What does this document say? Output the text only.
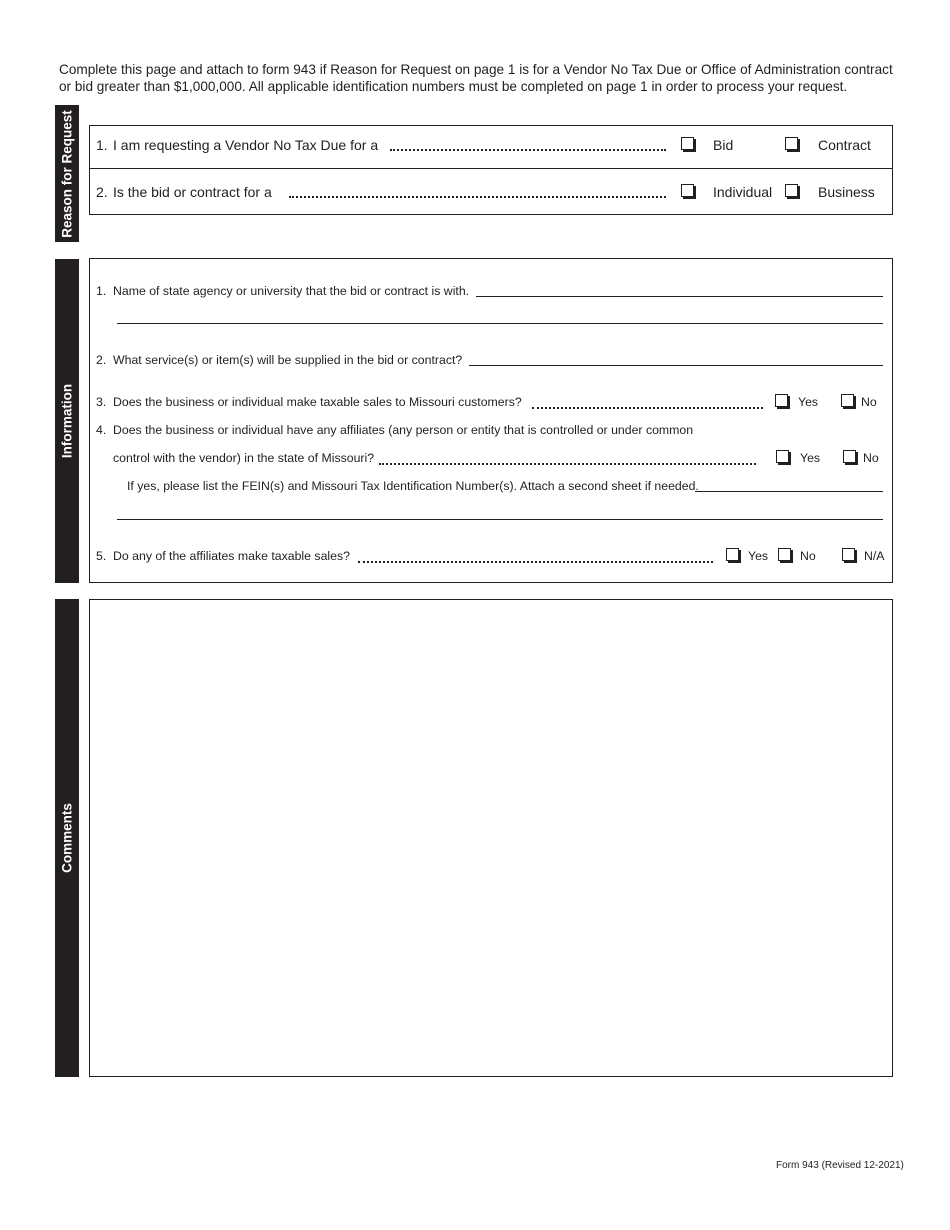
Complete this page and attach to form 943 if Reason for Request on page 1 is for a Vendor No Tax Due or Office of Administration contract
or bid greater than $1,000,000. All applicable identification numbers must be completed on page 1 in order to process your request.
Reason for Request 1. I am requesting a Vendor No Tax Due for a	Bid	Contract
2. Is the bid or contract for a	Individual	Business
Information
1. Name of state agency or university that the bid or contract is with.
2. What service(s) or item(s) will be supplied in the bid or contract?
3. Does the business or individual make taxable sales to Missouri customers?	Yes	No
4. Does the business or individual have any affiliates (any person or entity that is controlled or under common
control with the vendor) in the state of Missouri?	Yes	No
If yes, please list the FEIN(s) and Missouri Tax Identification Number(s). Attach a second sheet if needed.
5. Do any of the affiliates make taxable sales?	Yes	No	N/A
Comments
Form 943 (Revised 12-2021)
